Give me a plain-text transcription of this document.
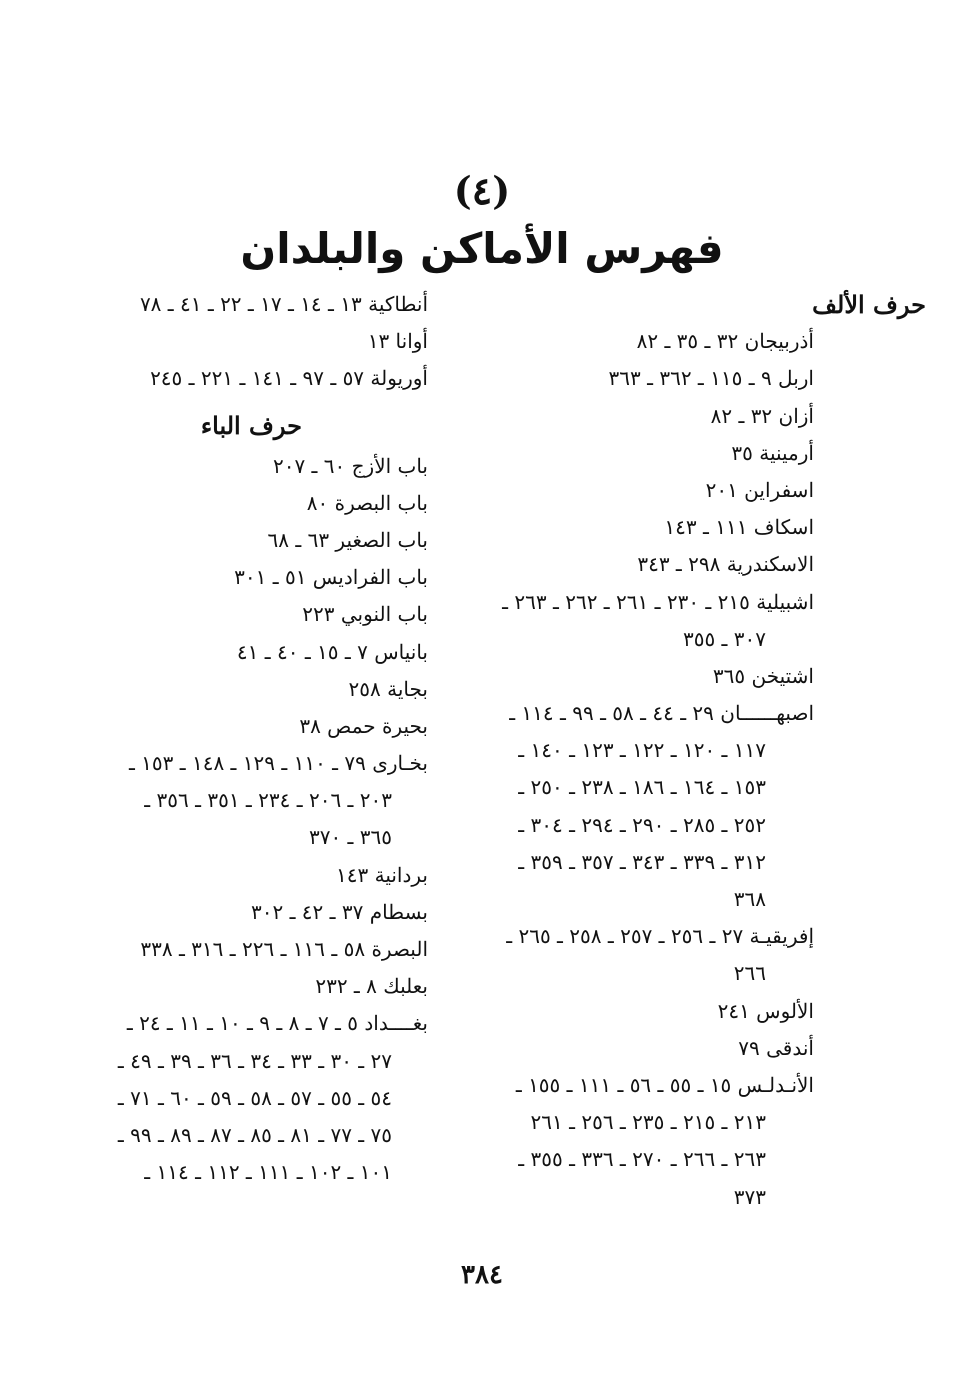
(٤)
فهرس الأماكن والبلدان
حرف الألف
أذربيجان ٣٢ ـ ٣٥ ـ ٨٢
اربل ٩ ـ ١١٥ ـ ٣٦٢ ـ ٣٦٣
أزان ٣٢ ـ ٨٢
أرمينية ٣٥
اسفراين ٢٠١
اسكاف ١١١ ـ ١٤٣
الاسكندرية ٢٩٨ ـ ٣٤٣
اشبيلية ٢١٥ ـ ٢٣٠ ـ ٢٦١ ـ ٢٦٢ ـ ٢٦٣ ـ
٣٠٧ ـ ٣٥٥
اشتيخن ٣٦٥
اصبهــــــان ٢٩ ـ ٤٤ ـ ٥٨ ـ ٩٩ ـ ١١٤ ـ
١١٧ ـ ١٢٠ ـ ١٢٢ ـ ١٢٣ ـ ١٤٠ ـ
١٥٣ ـ ١٦٤ ـ ١٨٦ ـ ٢٣٨ ـ ٢٥٠ ـ
٢٥٢ ـ ٢٨٥ ـ ٢٩٠ ـ ٢٩٤ ـ ٣٠٤ ـ
٣١٢ ـ ٣٣٩ ـ ٣٤٣ ـ ٣٥٧ ـ ٣٥٩ ـ
٣٦٨
إفريقيـة ٢٧ ـ ٢٥٦ ـ ٢٥٧ ـ ٢٥٨ ـ ٢٦٥ ـ
٢٦٦
الألوس ٢٤١
أندقى ٧٩
الأنـدلـس ١٥ ـ ٥٥ ـ ٥٦ ـ ١١١ ـ ١٥٥ ـ
٢١٣ ـ ٢١٥ ـ ٢٣٥ ـ ٢٥٦ ـ ٢٦١
٢٦٣ ـ ٢٦٦ ـ ٢٧٠ ـ ٣٣٦ ـ ٣٥٥ ـ
٣٧٣
أنطاكية ١٣ ـ ١٤ ـ ١٧ ـ ٢٢ ـ ٤١ ـ ٧٨
أوانا ١٣
أوريولة ٥٧ ـ ٩٧ ـ ١٤١ ـ ٢٢١ ـ ٢٤٥
حرف الباء
باب الأزج ٦٠ ـ ٢٠٧
باب البصرة ٨٠
باب الصغير ٦٣ ـ ٦٨
باب الفراديس ٥١ ـ ٣٠١
باب النوبي ٢٢٣
بانياس ٧ ـ ١٥ ـ ٤٠ ـ ٤١
بجاية ٢٥٨
بحيرة حمص ٣٨
بخـارى ٧٩ ـ ١١٠ ـ ١٢٩ ـ ١٤٨ ـ ١٥٣ ـ
٢٠٣ ـ ٢٠٦ ـ ٢٣٤ ـ ٣٥١ ـ ٣٥٦ ـ
٣٦٥ ـ ٣٧٠
بردانية ١٤٣
بسطام ٣٧ ـ ٤٢ ـ ٣٠٢
البصرة ٥٨ ـ ١١٦ ـ ٢٢٦ ـ ٣١٦ ـ ٣٣٨
بعلبك ٨ ـ ٢٣٢
بغــــداد ٥ ـ ٧ ـ ٨ ـ ٩ ـ ١٠ ـ ١١ ـ ٢٤ ـ
٢٧ ـ ٣٠ ـ ٣٣ ـ ٣٤ ـ ٣٦ ـ ٣٩ ـ ٤٩ ـ
٥٤ ـ ٥٥ ـ ٥٧ ـ ٥٨ ـ ٥٩ ـ ٦٠ ـ ٧١ ـ
٧٥ ـ ٧٧ ـ ٨١ ـ ٨٥ ـ ٨٧ ـ ٨٩ ـ ٩٩ ـ
١٠١ ـ ١٠٢ ـ ١١١ ـ ١١٢ ـ ١١٤ ـ
٣٨٤
